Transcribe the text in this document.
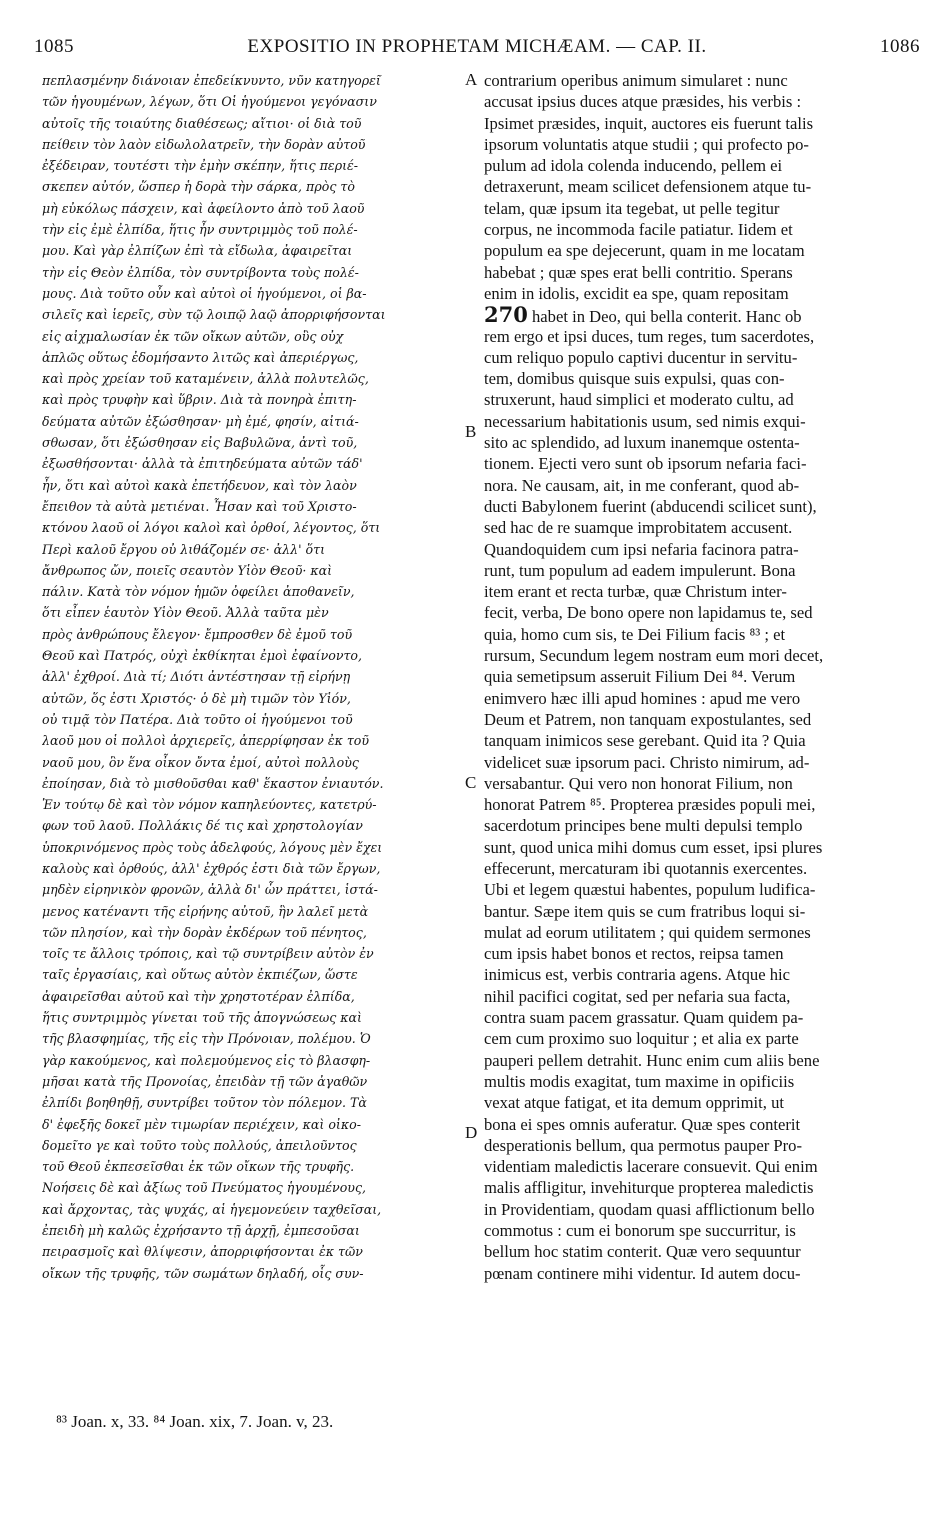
1085	EXPOSITIO IN PROPHETAM MICHÆAM. — CAP. II.	1086
πεπλασμένην διάνοιαν ἐπεδείκνυντο, νῦν κατηγορεῖ
τῶν ἡγουμένων, λέγων, ὅτι Οἱ ἡγούμενοι γεγόνασιν
αὐτοῖς τῆς τοιαύτης διαθέσεως; αἴτιοι· οἱ διὰ τοῦ
πείθειν τὸν λαὸν εἰδωλολατρεῖν, τὴν δορὰν αὐτοῦ
ἐξέδειραν, τουτέστι τὴν ἐμὴν σκέπην, ἥτις περιέ-
σκεπεν αὐτόν, ὥσπερ ἡ δορὰ τὴν σάρκα, πρὸς τὸ
μὴ εὐκόλως πάσχειν, καὶ ἀφείλοντο ἀπὸ τοῦ λαοῦ
τὴν εἰς ἐμὲ ἐλπίδα, ἥτις ἦν συντριμμὸς τοῦ πολέ-
μου. Καὶ γὰρ ἐλπίζων ἐπὶ τὰ εἴδωλα, ἀφαιρεῖται
τὴν εἰς Θεὸν ἐλπίδα, τὸν συντρίβοντα τοὺς πολέ-
μους. Διὰ τοῦτο οὖν καὶ αὐτοὶ οἱ ἡγούμενοι, οἱ βα-
σιλεῖς καὶ ἱερεῖς, σὺν τῷ λοιπῷ λαῷ ἀπορριφήσονται
εἰς αἰχμαλωσίαν ἐκ τῶν οἴκων αὐτῶν, οὓς οὐχ
ἁπλῶς οὕτως ἐδομήσαντο λιτῶς καὶ ἀπεριέργως,
καὶ πρὸς χρείαν τοῦ καταμένειν, ἀλλὰ πολυτελῶς,
καὶ πρὸς τρυφὴν καὶ ὕβριν. Διὰ τὰ πονηρὰ ἐπιτη-
δεύματα αὐτῶν ἐξώσθησαν· μὴ ἐμέ, φησίν, αἰτιά-
σθωσαν, ὅτι ἐξώσθησαν εἰς Βαβυλῶνα, ἀντὶ τοῦ,
ἐξωσθήσονται· ἀλλὰ τὰ ἐπιτηδεύματα αὐτῶν τάδ'
ἦν, ὅτι καὶ αὐτοὶ κακὰ ἐπετήδευον, καὶ τὸν λαὸν
ἔπειθον τὰ αὐτὰ μετιέναι. Ἦσαν καὶ τοῦ Χριστο-
κτόνου λαοῦ οἱ λόγοι καλοὶ καὶ ὀρθοί, λέγοντος, ὅτι
Περὶ καλοῦ ἔργου οὐ λιθάζομέν σε· ἀλλ' ὅτι
ἄνθρωπος ὤν, ποιεῖς σεαυτὸν Υἱὸν Θεοῦ· καὶ
πάλιν. Κατὰ τὸν νόμον ἡμῶν ὀφείλει ἀποθανεῖν,
ὅτι εἶπεν ἑαυτὸν Υἱὸν Θεοῦ. Ἀλλὰ ταῦτα μὲν
πρὸς ἀνθρώπους ἔλεγον· ἔμπροσθεν δὲ ἐμοῦ τοῦ
Θεοῦ καὶ Πατρός, οὐχὶ ἐκθίκηται ἐμοὶ ἐφαίνοντο,
ἀλλ' ἐχθροί. Διὰ τί; Διότι ἀντέστησαν τῇ εἰρήνῃ
αὐτῶν, ὅς ἐστι Χριστός· ὁ δὲ μὴ τιμῶν τὸν Υἱόν,
οὐ τιμᾷ τὸν Πατέρα. Διὰ τοῦτο οἱ ἡγούμενοι τοῦ
λαοῦ μου οἱ πολλοὶ ἀρχιερεῖς, ἀπερρίφησαν ἐκ τοῦ
ναοῦ μου, ὃν ἕνα οἶκον ὄντα ἐμοί, αὐτοὶ πολλοὺς
ἐποίησαν, διὰ τὸ μισθοῦσθαι καθ' ἕκαστον ἐνιαυτόν.
Ἐν τούτῳ δὲ καὶ τὸν νόμον καπηλεύοντες, κατετρύ-
φων τοῦ λαοῦ. Πολλάκις δέ τις καὶ χρηστολογίαν
ὑποκρινόμενος πρὸς τοὺς ἀδελφούς, λόγους μὲν ἔχει
καλοὺς καὶ ὀρθούς, ἀλλ' ἐχθρός ἐστι διὰ τῶν ἔργων,
μηδὲν εἰρηνικὸν φρονῶν, ἀλλὰ δι' ὧν πράττει, ἱστά-
μενος κατέναντι τῆς εἰρήνης αὐτοῦ, ἣν λαλεῖ μετὰ
τῶν πλησίον, καὶ τὴν δορὰν ἐκδέρων τοῦ πένητος,
τοῖς τε ἄλλοις τρόποις, καὶ τῷ συντρίβειν αὐτὸν ἐν
ταῖς ἐργασίαις, καὶ οὕτως αὐτὸν ἐκπιέζων, ὥστε
ἀφαιρεῖσθαι αὐτοῦ καὶ τὴν χρηστοτέραν ἐλπίδα,
ἥτις συντριμμὸς γίνεται τοῦ τῆς ἀπογνώσεως καὶ
τῆς βλασφημίας, τῆς εἰς τὴν Πρόνοιαν, πολέμου. Ὁ
γὰρ κακούμενος, καὶ πολεμούμενος εἰς τὸ βλασφη-
μῆσαι κατὰ τῆς Προνοίας, ἐπειδὰν τῇ τῶν ἀγαθῶν
ἐλπίδι βοηθηθῇ, συντρίβει τοῦτον τὸν πόλεμον. Τὰ
δ' ἐφεξῆς δοκεῖ μὲν τιμωρίαν περιέχειν, καὶ οἰκο-
δομεῖτο γε καὶ τοῦτο τοὺς πολλούς, ἀπειλοῦντος
τοῦ Θεοῦ ἐκπεσεῖσθαι ἐκ τῶν οἴκων τῆς τρυφῆς.
Νοήσεις δὲ καὶ ἀξίως τοῦ Πνεύματος ἡγουμένους,
καὶ ἄρχοντας, τὰς ψυχάς, αἱ ἡγεμονεύειν ταχθεῖσαι,
ἐπειδὴ μὴ καλῶς ἐχρήσαντο τῇ ἀρχῇ, ἐμπεσοῦσαι
πειρασμοῖς καὶ θλίψεσιν, ἀπορριφήσονται ἐκ τῶν
οἴκων τῆς τρυφῆς, τῶν σωμάτων δηλαδή, οἷς συν-
contrarium operibus animum simularet : nunc
accusat ipsius duces atque præsides, his verbis :
Ipsimet præsides, inquit, auctores eis fuerunt talis
ipsorum voluntatis atque studii ; qui profecto po-
pulum ad idola colenda inducendo, pellem ei
detraxerunt, meam scilicet defensionem atque tu-
telam, quæ ipsum ita tegebat, ut pelle tegitur
corpus, ne incommoda facile patiatur. Iidem et
populum ea spe dejecerunt, quam in me locatam
habebat ; quæ spes erat belli contritio. Sperans
enim in idolis, excidit ea spe, quam repositam
270 habet in Deo, qui bella conterit. Hanc ob
rem ergo et ipsi duces, tum reges, tum sacerdotes,
cum reliquo populo captivi ducentur in servitu-
tem, domibus quisque suis expulsi, quas con-
struxerunt, haud simplici et moderato cultu, ad
necessarium habitationis usum, sed nimis exqui-
sito ac splendido, ad luxum inanemque ostenta-
tionem. Ejecti vero sunt ob ipsorum nefaria faci-
nora. Ne causam, ait, in me conferant, quod ab-
ducti Babylonem fuerint (abducendi scilicet sunt),
sed hac de re suamque improbitatem accusent.
Quandoquidem cum ipsi nefaria facinora patra-
runt, tum populum ad eadem impulerunt. Bona
item erant et recta turbæ, quæ Christum inter-
fecit, verba, De bono opere non lapidamus te, sed
quia, homo cum sis, te Dei Filium facis ⁸³ ; et
rursum, Secundum legem nostram eum mori decet,
quia semetipsum asseruit Filium Dei ⁸⁴. Verum
enimvero hæc illi apud homines : apud me vero
Deum et Patrem, non tanquam expostulantes, sed
tanquam inimicos sese gerebant. Quid ita ? Quia
videlicet suæ ipsorum paci. Christo nimirum, ad-
versabantur. Qui vero non honorat Filium, non
honorat Patrem ⁸⁵. Propterea præsides populi mei,
sacerdotum principes bene multi depulsi templo
sunt, quod unica mihi domus cum esset, ipsi plures
effecerunt, mercaturam ibi quotannis exercentes.
Ubi et legem quæstui habentes, populum ludifica-
bantur. Sæpe item quis se cum fratribus loqui si-
mulat ad eorum utilitatem ; qui quidem sermones
cum ipsis habet bonos et rectos, reipsa tamen
inimicus est, verbis contraria agens. Atque hic
nihil pacifici cogitat, sed per nefaria sua facta,
contra suam pacem grassatur. Quam quidem pa-
cem cum proximo suo loquitur ; et alia ex parte
pauperi pellem detrahit. Hunc enim cum aliis bene
multis modis exagitat, tum maxime in opificiis
vexat atque fatigat, et ita demum opprimit, ut
bona ei spes omnis auferatur. Quæ spes conterit
desperationis bellum, qua permotus pauper Pro-
videntiam maledictis lacerare consuevit. Qui enim
malis affligitur, invehiturque propterea maledictis
in Providentiam, quodam quasi afflictionum bello
commotus : cum ei bonorum spe succurritur, is
bellum hoc statim conterit. Quæ vero sequuntur
pœnam continere mihi videntur. Id autem docu-
A
B
C
D
⁸³ Joan. x, 33. ⁸⁴ Joan. xix, 7. Joan. v, 23.
